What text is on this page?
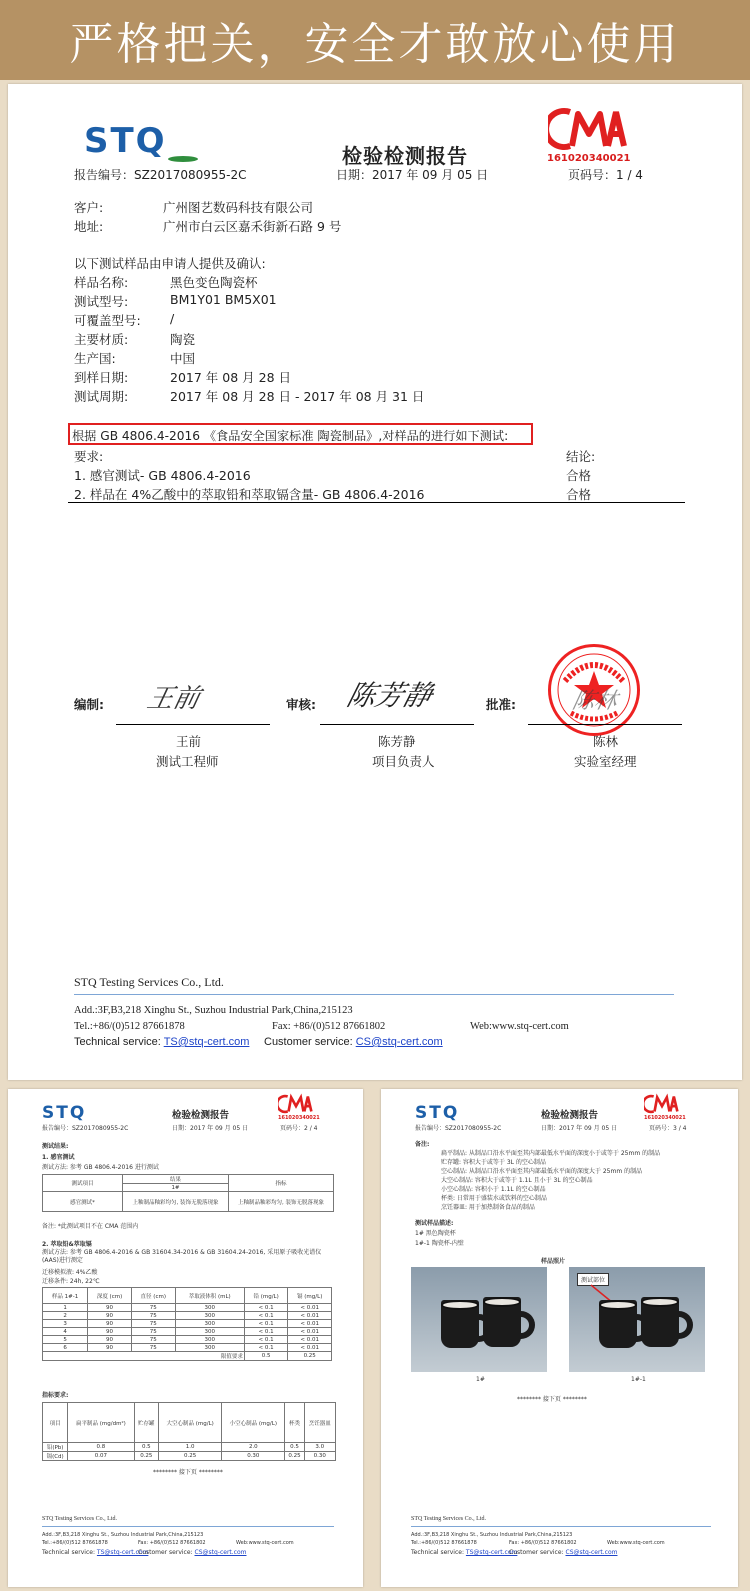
严格把关，安全才敢放心使用
STQ	161020340021
检验检测报告
报告编号：SZ2017080955-2C	日期：2017 年 09 月 05 日	页码号：1 / 4
客户:	广州图艺数码科技有限公司
地址:	广州市白云区嘉禾街新石路 9 号
以下测试样品由申请人提供及确认:
样品名称:	黑色变色陶瓷杯
测试型号:	BM1Y01 BM5X01
可覆盖型号: /
主要材质:	陶瓷
生产国:	中国
到样日期:	2017 年 08 月 28 日
测试周期:	2017 年 08 月 28 日 - 2017 年 08 月 31 日
根据 GB 4806.4-2016 《食品安全国家标准 陶瓷制品》,对样品的进行如下测试:
要求:	结论:
1. 感官测试- GB 4806.4-2016	合格
2. 样品在 4%乙酸中的萃取铅和萃取镉含量- GB 4806.4-2016	合格
编制:	审核:	批准:
王前	陈芳静	陈林
王前
测试工程师
陈芳静
项目负责人
陈林
实验室经理
STQ Testing Services Co., Ltd.
Add.:3F,B3,218 Xinghu St., Suzhou Industrial Park,China,215123
Tel.:+86/(0)512 87661878	Fax: +86/(0)512 87661802	Web:www.stq-cert.com
Technical service: TS@stq-cert.com Customer service: CS@stq-cert.com
STQ	检验检测报告	161020340021
报告编号：SZ2017080955-2C	日期：2017 年 09 月 05 日	页码号：2 / 4
测试结果:
1. 感官测试
测试方法: 参考 GB 4806.4-2016 进行测试
测试项目	结果	指标
	1#	
感官测试*	上釉制品釉彩均匀, 装饰无脱落现象	上釉制品釉彩均匀, 装饰无脱落现象
备注: *此测试项目不在 CMA 范围内
2. 萃取铅&萃取镉
测试方法: 参考 GB 4806.4-2016 & GB 31604.34-2016 & GB 31604.24-2016, 采用原子吸收光谱仪(AAS)进行测定
迁移模拟液: 4%乙酸
迁移条件: 24h, 22℃
样品 1#-1	深度 (cm)	直径 (cm)	萃取液体积 (mL)	铅 (mg/L)	镉 (mg/L)
1	90	75	300	< 0.1	< 0.01
2	90	75	300	< 0.1	< 0.01
3	90	75	300	< 0.1	< 0.01
4	90	75	300	< 0.1	< 0.01
5	90	75	300	< 0.1	< 0.01
6	90	75	300	< 0.1	< 0.01
限值要求				0.5	0.25
指标要求:
项目	扁平制品 (mg/dm²)	贮存罐	大空心制品 (mg/L)	小空心制品 (mg/L)	杯类	烹饪器皿
铅(Pb)	0.8	0.5	1.0	2.0	0.5	3.0
镉(Cd)	0.07	0.25	0.25	0.30	0.25	0.30
******** 接下页 ********
STQ Testing Services Co., Ltd.
Add.:3F,B3,218 Xinghu St., Suzhou Industrial Park,China,215123
Tel.:+86/(0)512 87661878	Fax: +86/(0)512 87661802	Web:www.stq-cert.com
Technical service: TS@stq-cert.com
Customer service: CS@stq-cert.com
STQ	检验检测报告	161020340021
报告编号：SZ2017080955-2C	日期：2017 年 09 月 05 日	页码号：3 / 4
备注:
扁平制品: 从制品口沿水平面至其内部最低水平面的深度小于或等于 25mm 的制品
贮存罐: 容积大于或等于 3L 的空心制品
空心制品: 从制品口沿水平面至其内部最低水平面的深度大于 25mm 的制品
大空心制品: 容积大于或等于 1.1L 且小于 3L 的空心制品
小空心制品: 容积小于 1.1L 的空心制品
杯类: 日常用于盛装水或饮料的空心制品
烹饪器皿: 用于加热制备食品的制品
测试样品描述:
1# 黑色陶瓷杯
1#-1 陶瓷杯-内壁
样品照片
测试部位
1#	1#-1
******** 接下页 ********
STQ Testing Services Co., Ltd.
Add.:3F,B3,218 Xinghu St., Suzhou Industrial Park,China,215123
Tel.:+86/(0)512 87661878	Fax: +86/(0)512 87661802	Web:www.stq-cert.com
Technical service: TS@stq-cert.com
Customer service: CS@stq-cert.com
